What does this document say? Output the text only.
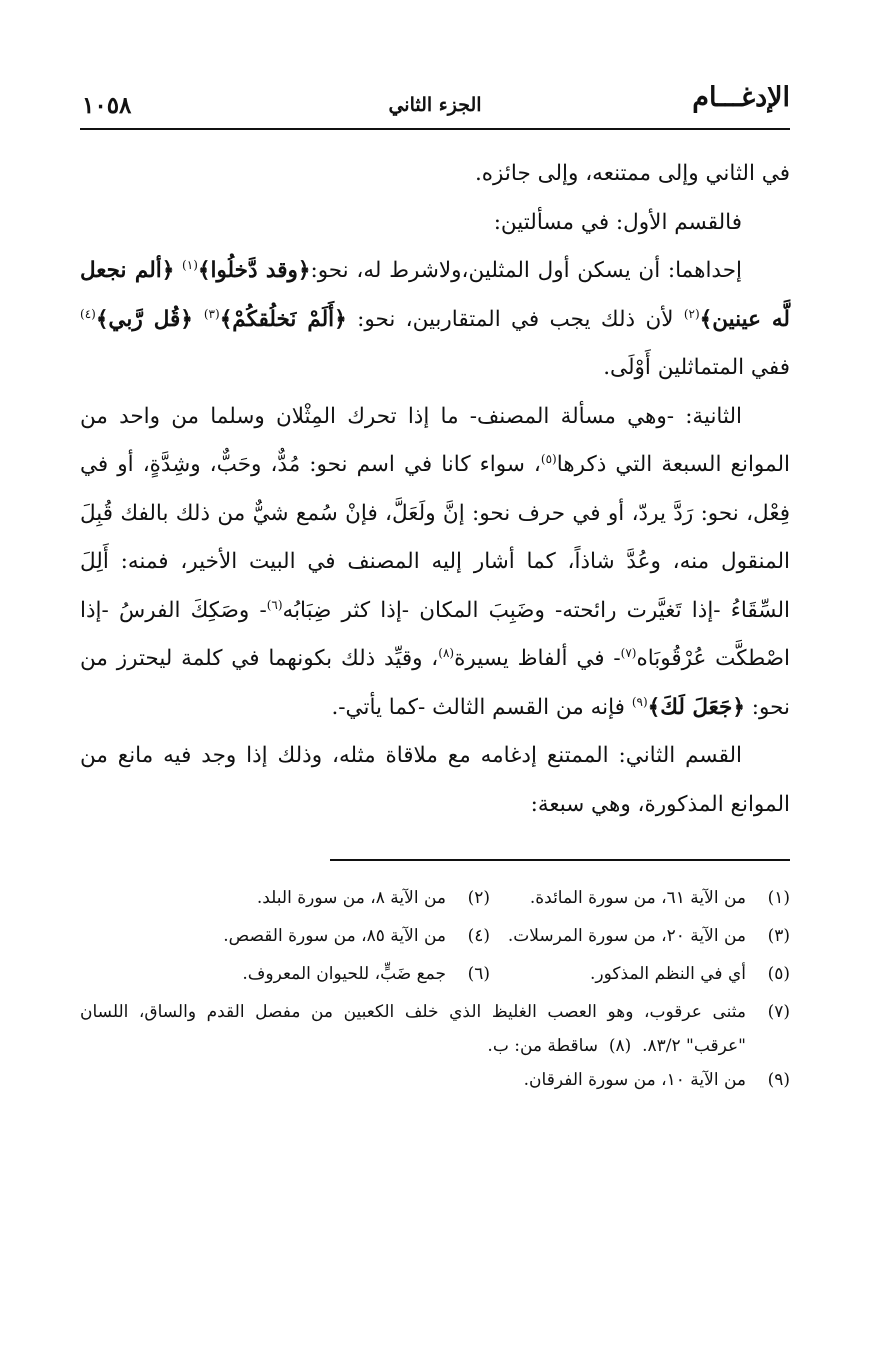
الإدغـــام
الجزء الثاني
١٠٥٨

في الثاني وإلى ممتنعه، وإلى جائزه.

فالقسم الأول: في مسألتين:

إحداهما: أن يسكن أول المثلين،ولاشرط له، نحو:﴿وقد دَّخلُوا﴾$^{(١)}$ ﴿ألم نجعل لَّه عينين﴾$^{(٢)}$ لأن ذلك يجب في المتقاربين، نحو: ﴿أَلَمْ نَخلُقكُمْ﴾$^{(٣)}$ ﴿قُل رَّبي﴾$^{(٤)}$ ففي المتماثلين أَوْلَى.

الثانية: -وهي مسألة المصنف- ما إذا تحرك المِثْلان وسلما من واحد من الموانع السبعة التي ذكرها$^{(٥)}$، سواء كانا في اسم نحو: مُدٌّ، وحَبٌّ، وشِدَّةٍ، أو في فِعْل، نحو: رَدَّ يردّ، أو في حرف نحو: إنَّ ولَعَلَّ، فإنْ سُمع شيٌّ من ذلك بالفك قُبِلَ المنقول منه، وعُدَّ شاذاً، كما أشار إليه المصنف في البيت الأخير، فمنه: أَلِلَ السِّقَاءُ -إذا تَغيَّرت رائحته- وضَبِبَ المكان -إذا كثر ضِبَابُه$^{(٦)}$- وصَكِكَ الفرسُ -إذا اصْطكَّت عُرْقُوبَاه$^{(٧)}$- في ألفاظ يسيرة$^{(٨)}$، وقيِّد ذلك بكونهما في كلمة ليحترز من نحو: ﴿جَعَلَ لَكَ﴾$^{(٩)}$ فإنه من القسم الثالث -كما يأتي-.

القسم الثاني: الممتنع إدغامه مع ملاقاة مثله، وذلك إذا وجد فيه مانع من الموانع المذكورة، وهي سبعة:

(١)
من الآية ٦١، من سورة المائدة.
(٢)
من الآية ٨، من سورة البلد.
(٣)
من الآية ٢٠، من سورة المرسلات.
(٤)
من الآية ٨٥، من سورة القصص.
(٥)
أي في النظم المذكور.
(٦)
جمع ضَبٍّ، للحيوان المعروف.
(٧)
مثنى عرقوب، وهو العصب الغليظ الذي خلف الكعبين من مفصل القدم والساق، اللسان "عرقب" ٨٣/٢.  (٨)  ساقطة من: ب.
(٩)
من الآية ١٠، من سورة الفرقان.
